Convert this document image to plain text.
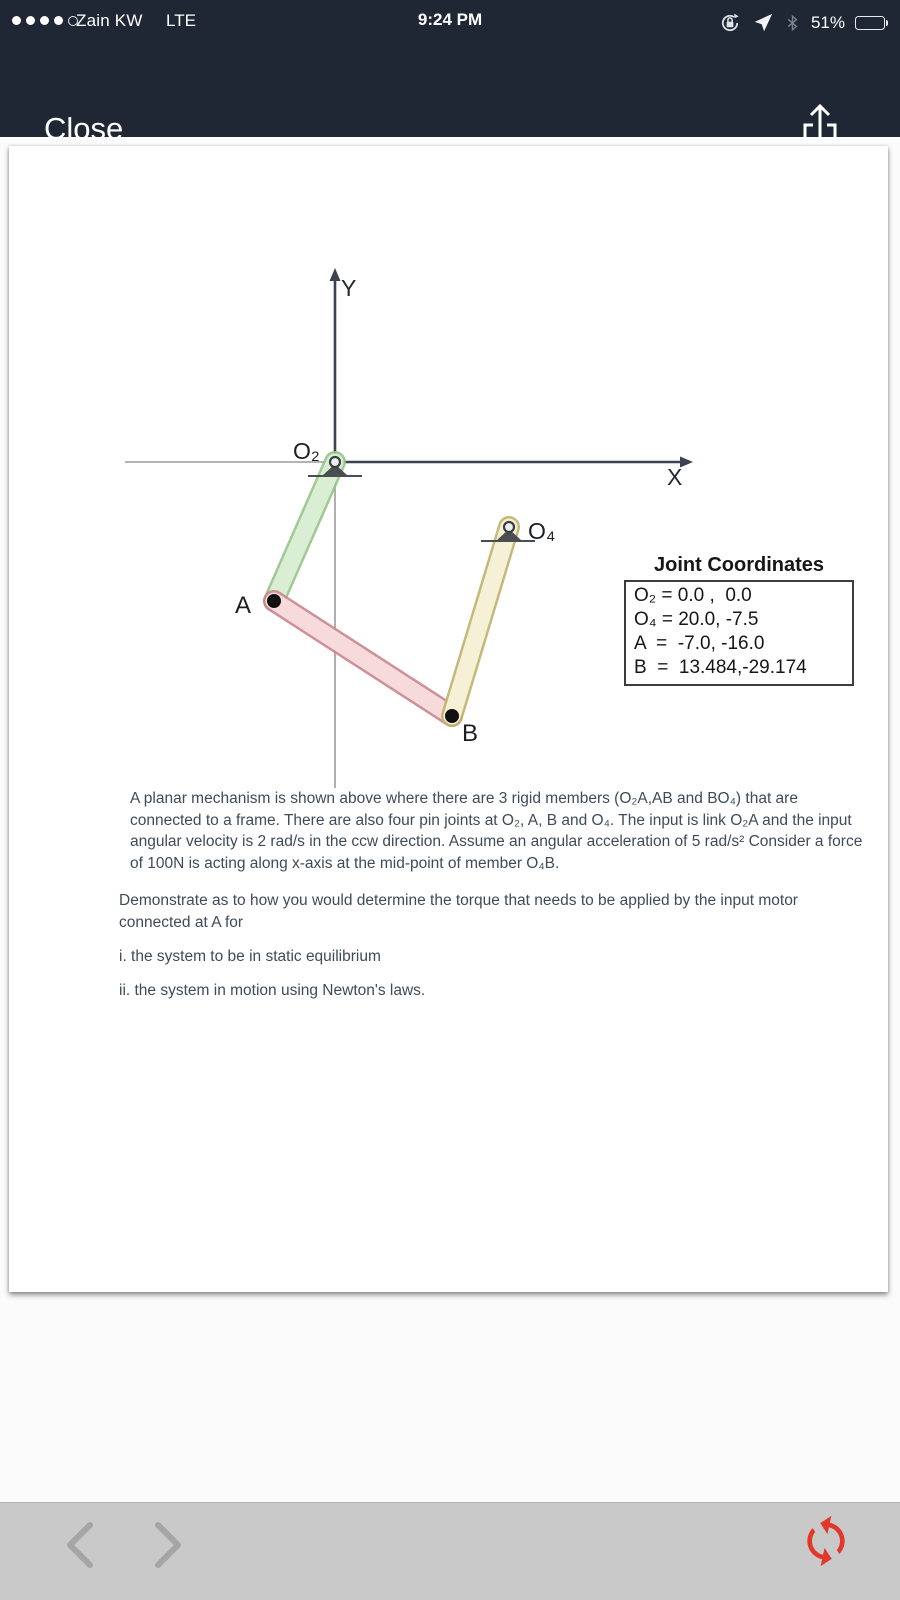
Zain KW LTE	9:24 PM	51%
Close
Y
X
O₂
O₄
A
B
Joint Coordinates
O₂ = 0.0 ,  0.0
O₄ = 20.0, -7.5
A  =  -7.0, -16.0
B  =  13.484,-29.174
A planar mechanism is shown above where there are 3 rigid members (O₂A,AB and BO₄) that are connected to a frame. There are also four pin joints at O₂, A, B and O₄. The input is link O₂A and the input angular velocity is 2 rad/s in the ccw direction. Assume an angular acceleration of 5 rad/s² Consider a force of 100N is acting along x-axis at the mid-point of member O₄B.
Demonstrate as to how you would determine the torque that needs to be applied by the input motor connected at A for
i. the system to be in static equilibrium
ii. the system in motion using Newton's laws.
